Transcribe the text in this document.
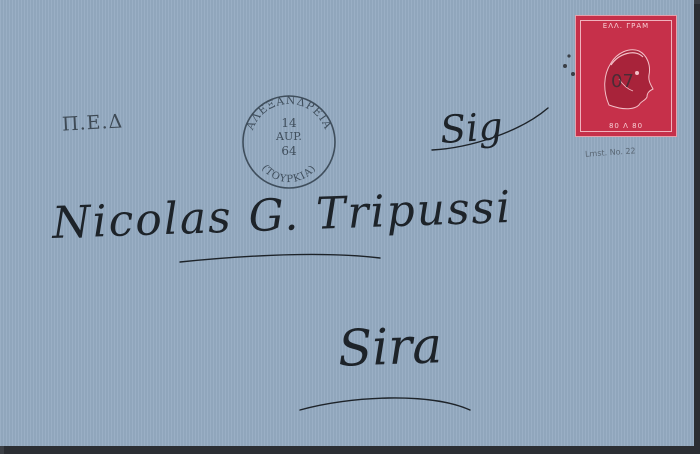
Π.Ε.Δ	ΑΛΕΞΑΝΔΡΕΙΑ
(ΤΟΥΡΚΙΑ)
14
AUP.
64
ΕΛΛ. ΓΡΑΜ
07
80 Λ 80
Lmst. No. 22
Sig
Nicolas G. Tripussi
Sira
